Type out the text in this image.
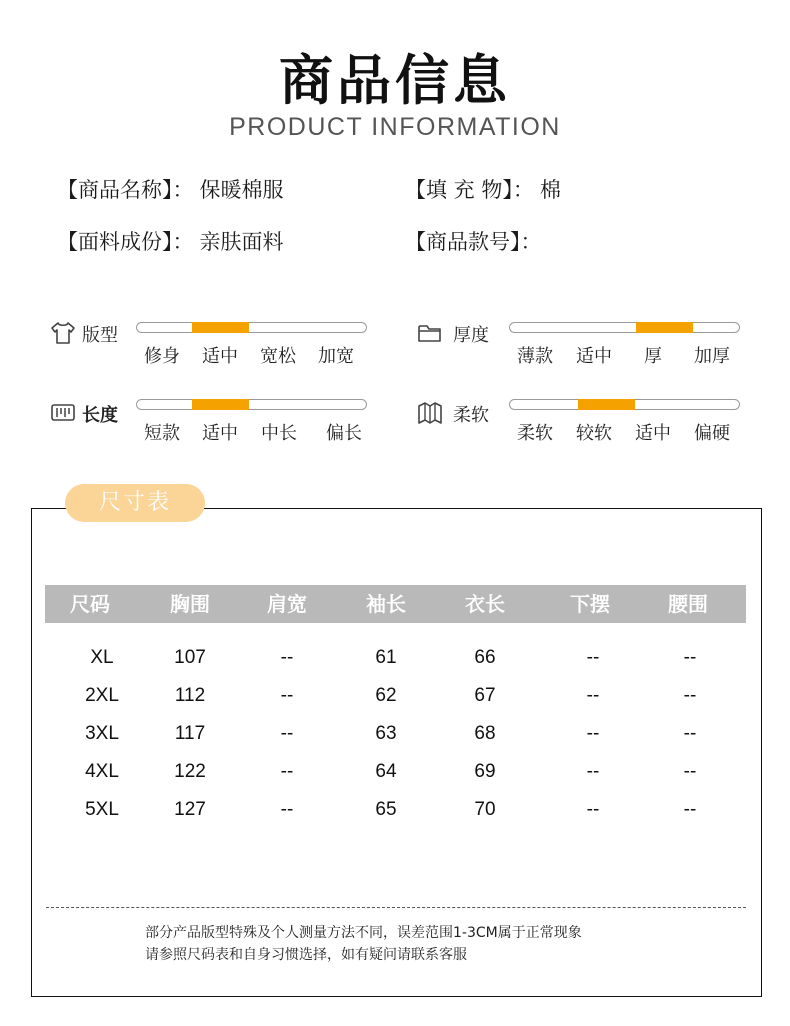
商品信息
PRODUCT INFORMATION
【商品名称】： 保暖棉服	【填 充 物】： 棉
【面料成份】： 亲肤面料	【商品款号】：
版型
修身 适中 宽松 加宽
厚度
薄款 适中 厚 加厚
长度
短款 适中 中长 偏长
柔软
柔软 较软 适中 偏硬
尺寸表
尺码	胸围	肩宽	袖长	衣长	下摆	腰围
XL	107	--	61	66	--	--
2XL	112	--	62	67	--	--
3XL	117	--	63	68	--	--
4XL	122	--	64	69	--	--
5XL	127	--	65	70	--	--
部分产品版型特殊及个人测量方法不同，误差范围1-3CM属于正常现象
请参照尺码表和自身习惯选择，如有疑问请联系客服
